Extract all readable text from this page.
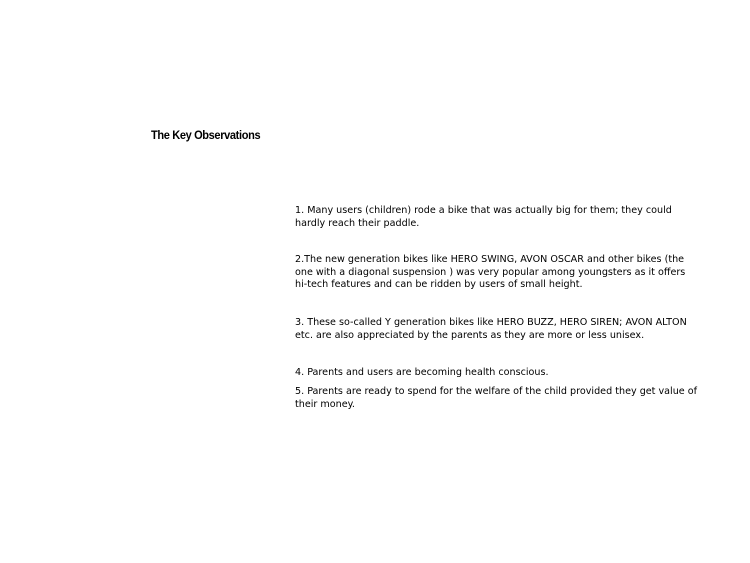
The Key Observations

1. Many users (children) rode a bike that was actually big for them; they could hardly reach their paddle.

2.The new generation bikes like HERO SWING, AVON OSCAR and other bikes (the one with a diagonal suspension ) was very popular among youngsters as it offers hi-tech features and can be ridden by users of small height.

3. These so-called Y generation bikes like HERO BUZZ, HERO SIREN; AVON ALTON etc. are also appreciated by the parents as they are more or less unisex.

4. Parents and users are becoming health conscious.

5. Parents are ready to spend for the welfare of the child provided they get value of their money.
